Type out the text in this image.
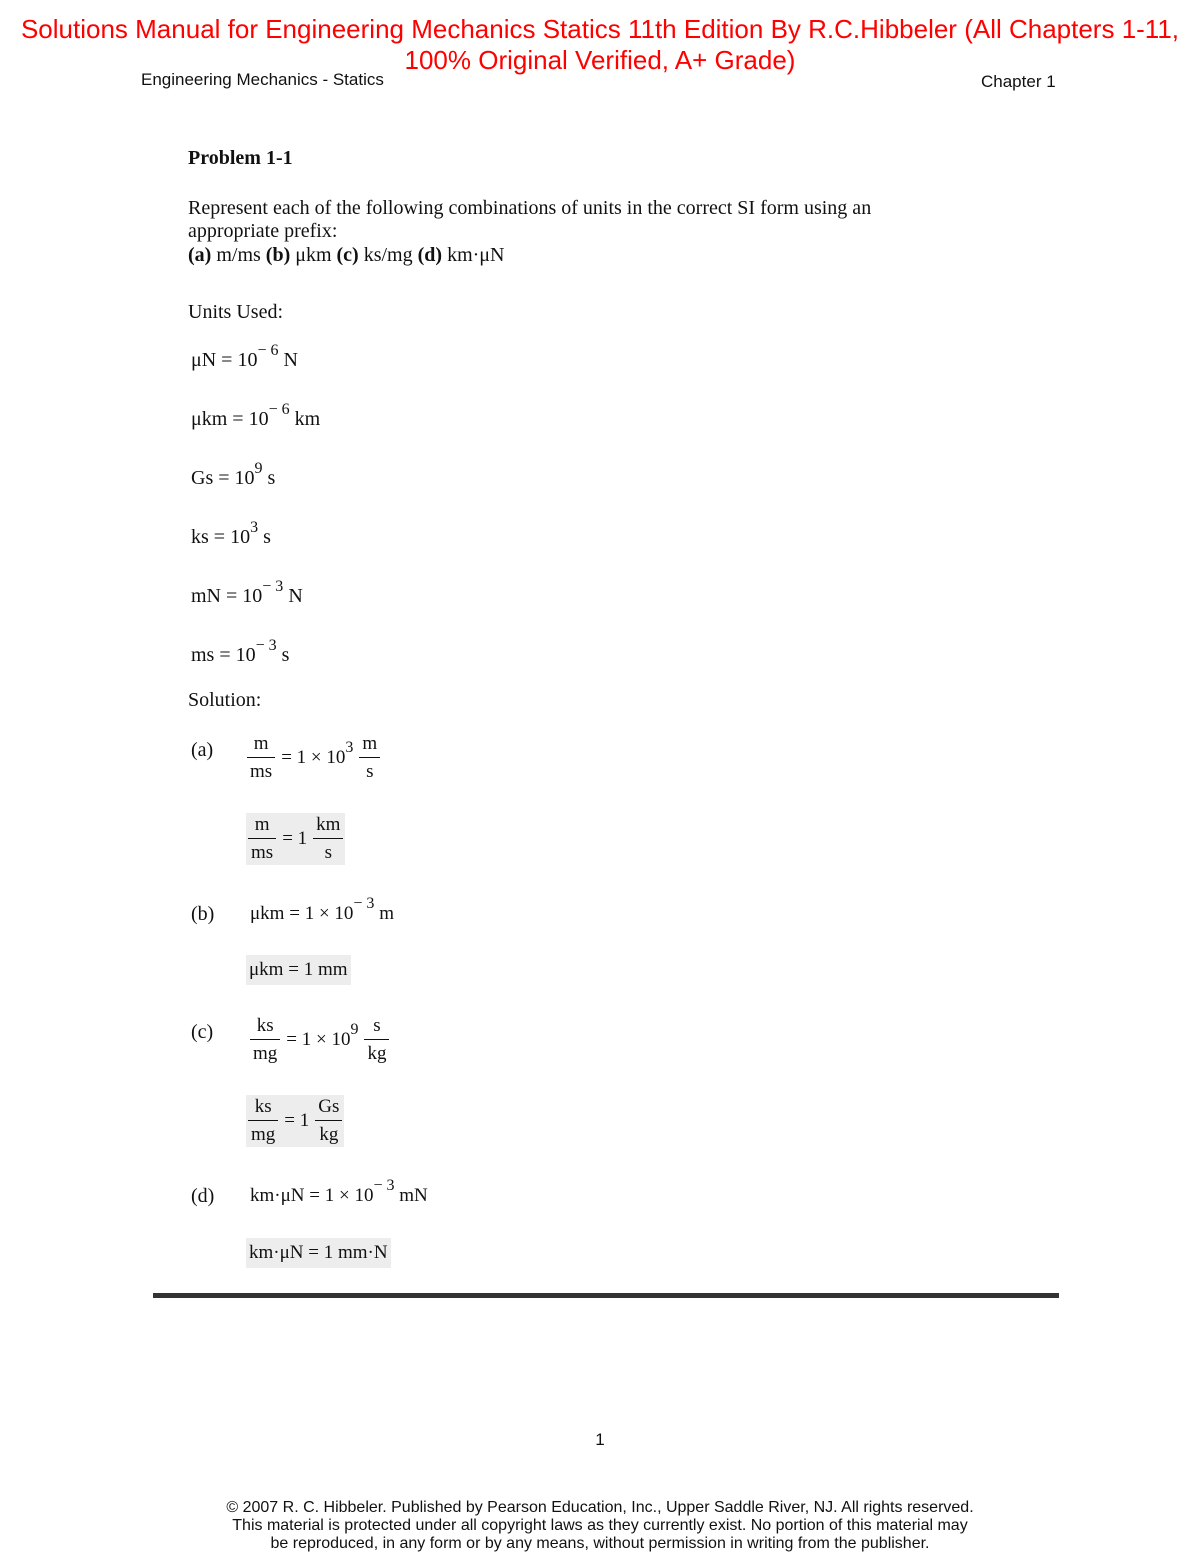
Solutions Manual for Engineering Mechanics Statics 11th Edition By R.C.Hibbeler (All Chapters 1-11,
100% Original Verified, A+ Grade)
Engineering Mechanics - Statics	Chapter 1
Problem 1-1
Represent each of the following combinations of units in the correct SI form using an
appropriate prefix:
(a) m/ms (b) μkm (c) ks/mg (d) km·μN
Units Used:
$\mu N = 10^{- 6}$ N
$\mu km = 10^{- 6}$ km
$Gs = 10^9$ s
ks = $10^3$ s
mN = $10^{- 3}$ N
ms = $10^{- 3}$ s
Solution:
$(a) \frac{m}{ms} = 1 \times 10^3 \frac{m}{s}$
$\frac{m}{ms} = 1 \frac{km}{s}$
(b) $\mu km = 1 \times 10^{- 3}$ m
μkm = 1 mm
$(c) \frac{ks}{mg} = 1 \times 10^9 \frac{s}{kg}$
$\frac{ks}{mg} = 1 \frac{Gs}{kg}$
(d) $km\cdot\mu N = 1 \times 10^{- 3}$ mN
km·μN = 1 mm·N
1
© 2007 R. C. Hibbeler. Published by Pearson Education, Inc., Upper Saddle River, NJ. All rights reserved.
This material is protected under all copyright laws as they currently exist. No portion of this material may
be reproduced, in any form or by any means, without permission in writing from the publisher.
